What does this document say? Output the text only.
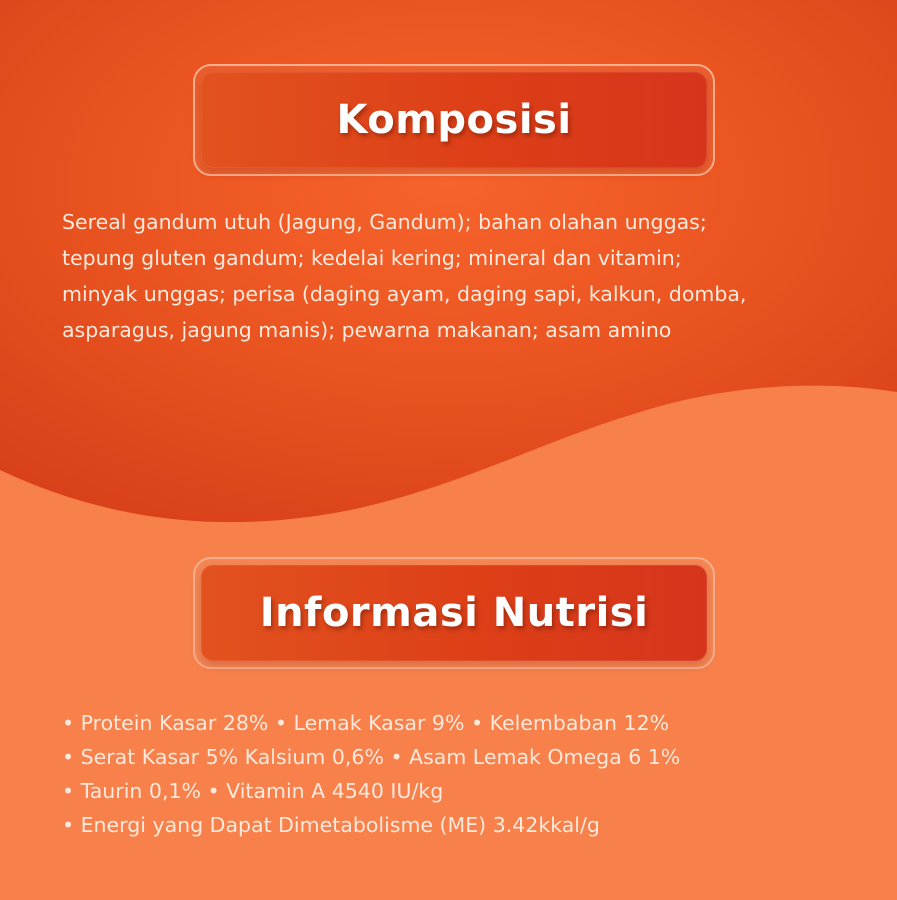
Komposisi
Sereal gandum utuh (Jagung, Gandum); bahan olahan unggas;
tepung gluten gandum; kedelai kering; mineral dan vitamin;
minyak unggas; perisa (daging ayam, daging sapi, kalkun, domba,
asparagus, jagung manis); pewarna makanan; asam amino
Informasi Nutrisi
• Protein Kasar 28% • Lemak Kasar 9% • Kelembaban 12%
• Serat Kasar 5% Kalsium 0,6% • Asam Lemak Omega 6 1%
• Taurin 0,1% • Vitamin A 4540 IU/kg
• Energi yang Dapat Dimetabolisme (ME) 3.42kkal/g
